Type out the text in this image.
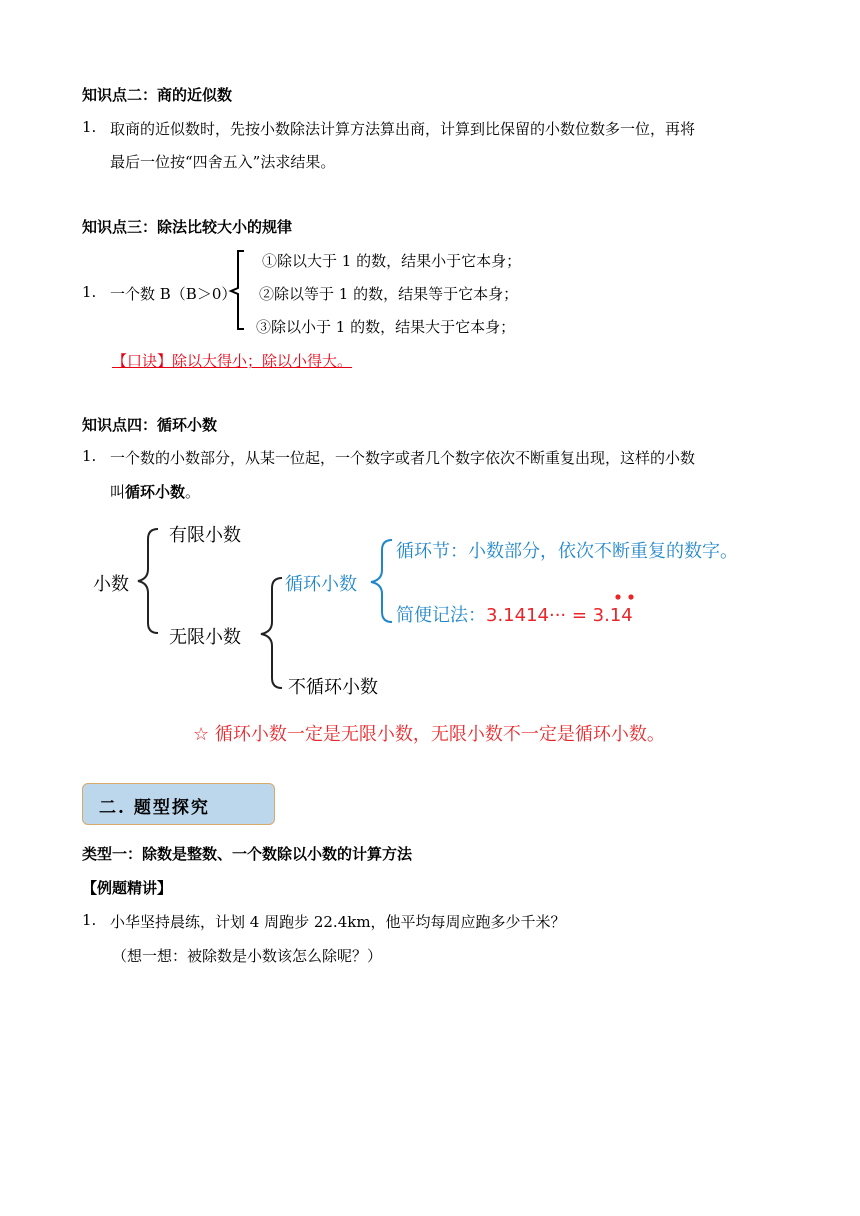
知识点二：商的近似数
1. 取商的近似数时，先按小数除法计算方法算出商，计算到比保留的小数位数多一位，再将
最后一位按“四舍五入”法求结果。
知识点三：除法比较大小的规律
1. 一个数 B（B＞0）
①除以大于 1 的数，结果小于它本身；
②除以等于 1 的数，结果等于它本身；
③除以小于 1 的数，结果大于它本身；
【口诀】除以大得小；除以小得大。
知识点四：循环小数
1. 一个数的小数部分，从某一位起，一个数字或者几个数字依次不断重复出现，这样的小数
叫循环小数。
小数
有限小数
无限小数
循环小数
不循环小数
循环节：小数部分，依次不断重复的数字。
简便记法：3.1414··· = 3.14
☆ 循环小数一定是无限小数，无限小数不一定是循环小数。
二. 题型探究
类型一：除数是整数、一个数除以小数的计算方法
【例题精讲】
1. 小华坚持晨练，计划 4 周跑步 22.4km，他平均每周应跑多少千米？
（想一想：被除数是小数该怎么除呢？）
